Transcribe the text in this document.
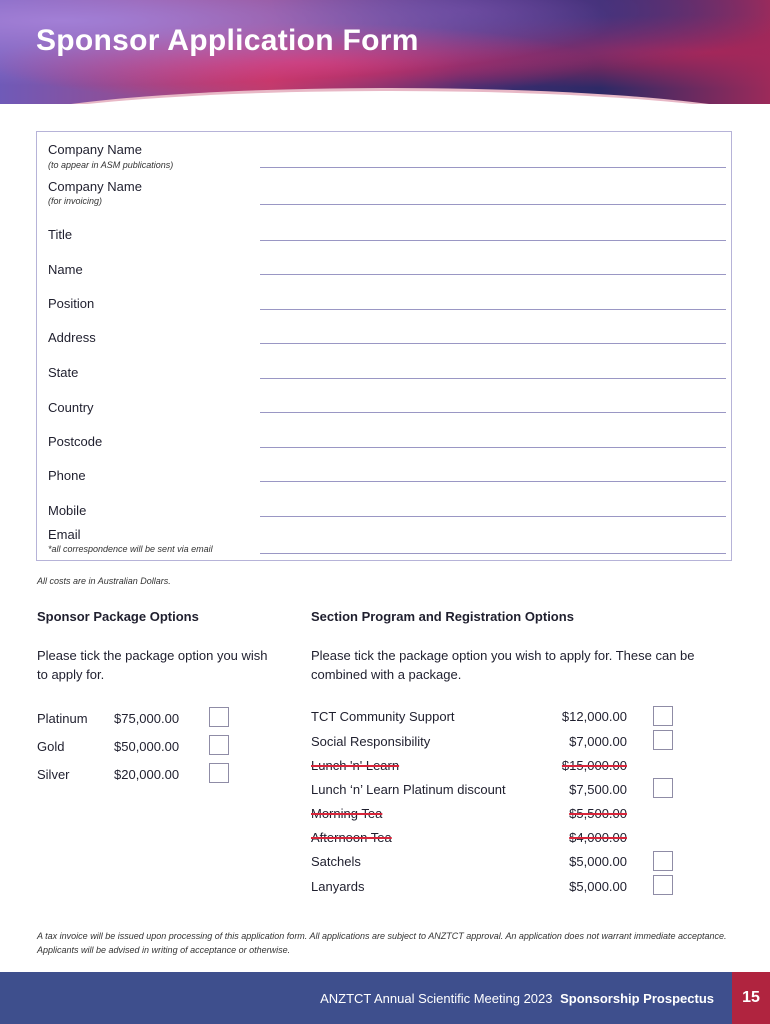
Sponsor Application Form
Company Name
(to appear in ASM publications)
Company Name
(for invoicing)
Title
Name
Position
Address
State
Country
Postcode
Phone
Mobile
Email
*all correspondence will be sent via email
All costs are in Australian Dollars.
Sponsor Package Options
Please tick the package option you wish to apply for.
Platinum $75,000.00
Gold	$50,000.00
Silver	$20,000.00
Section Program and Registration Options
Please tick the package option you wish to apply for. These can be combined with a package.
TCT Community Support	$12,000.00
Social Responsibility	$7,000.00
Lunch 'n' Learn	$15,000.00
Lunch ‘n’ Learn Platinum discount	$7,500.00
Morning Tea	$5,500.00
Afternoon Tea	$4,000.00
Satchels	$5,000.00
Lanyards	$5,000.00
A tax invoice will be issued upon processing of this application form. All applications are subject to ANZTCT approval. An application does not warrant immediate acceptance. Applicants will be advised in writing of acceptance or otherwise.
ANZTCT Annual Scientific Meeting 2023 Sponsorship Prospectus	15
